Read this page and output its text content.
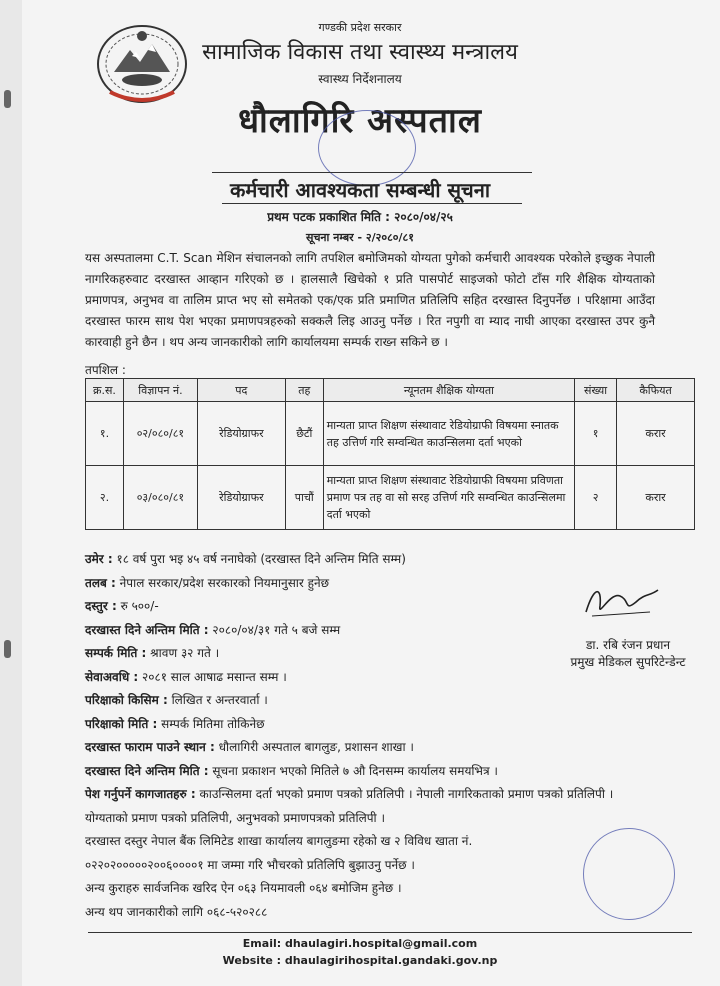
गण्डकी प्रदेश सरकार
सामाजिक विकास तथा स्वास्थ्य मन्त्रालय
स्वास्थ्य निर्देशनालय
धौलागिरि अस्पताल
कर्मचारी आवश्यकता सम्बन्धी सूचना
प्रथम पटक प्रकाशित मिति : २०८०/०४/२५
सूचना नम्बर - २/२०८०/८१
यस अस्पतालमा C.T. Scan मेशिन संचालनको लागि तपशिल बमोजिमको योग्यता पुगेको कर्मचारी आवश्यक परेकोले इच्छुक नेपाली नागरिकहरुवाट दरखास्त आव्हान गरिएको छ । हालसालै खिचेको १ प्रति पासपोर्ट साइजको फोटो टाँस गरि शैक्षिक योग्यताको प्रमाणपत्र, अनुभव वा तालिम प्राप्त भए सो समेतको एक/एक प्रति प्रमाणित प्रतिलिपि सहित दरखास्त दिनुपर्नेछ । परिक्षामा आउँदा दरखास्त फारम साथ पेश भएका प्रमाणपत्रहरुको सक्कलै लिइ आउनु पर्नेछ । रित नपुगी वा म्याद नाघी आएका दरखास्त उपर कुनै कारवाही हुने छैन । थप अन्य जानकारीको लागि कार्यालयमा सम्पर्क राख्न सकिने छ ।
तपशिल :
क्र.स.	विज्ञापन नं.	पद	तह	न्यूनतम शैक्षिक योग्यता	संख्या	कैफियत
१.	०२/०८०/८१	रेडियोग्राफर	छैटौं	मान्यता प्राप्त शिक्षण संस्थावाट रेडियोग्राफी विषयमा स्नातक तह उत्तिर्ण गरि सम्वन्धित काउन्सिलमा दर्ता भएको	१	करार
२.	०३/०८०/८१	रेडियोग्राफर	पाचौं	मान्यता प्राप्त शिक्षण संस्थावाट रेडियोग्राफी विषयमा प्रविणता प्रमाण पत्र तह वा सो सरह उत्तिर्ण गरि सम्वन्धित काउन्सिलमा दर्ता भएको	२	करार
उमेर : १८ वर्ष पुरा भइ ४५ वर्ष ननाघेको (दरखास्त दिने अन्तिम मिति सम्म)
तलब : नेपाल सरकार/प्रदेश सरकारको नियमानुसार हुनेछ
दस्तुर : रु ५००/-
दरखास्त दिने अन्तिम मिति : २०८०/०४/३१ गते ५ बजे सम्म
सम्पर्क मिति : श्रावण ३२ गते ।
सेवाअवधि : २०८१ साल आषाढ मसान्त सम्म ।
परिक्षाको किसिम : लिखित र अन्तरवार्ता ।
परिक्षाको मिति : सम्पर्क मितिमा तोकिनेछ
दरखास्त फाराम पाउने स्थान : धौलागिरी अस्पताल बागलुङ, प्रशासन शाखा ।
दरखास्त दिने अन्तिम मिति : सूचना प्रकाशन भएको मितिले ७ औ दिनसम्म कार्यालय समयभित्र ।
पेश गर्नुपर्ने कागजातहरु : काउन्सिलमा दर्ता भएको प्रमाण पत्रको प्रतिलिपी । नेपाली नागरिकताको प्रमाण पत्रको प्रतिलिपी ।
योग्यताको प्रमाण पत्रको प्रतिलिपी, अनुभवको प्रमाणपत्रको प्रतिलिपी ।
दरखास्त दस्तुर नेपाल बैंक लिमिटेड शाखा कार्यालय बागलुङमा रहेको ख २ विविध खाता नं.
०२२०२०००००२००६००००१ मा जम्मा गरि भौचरको प्रतिलिपि बुझाउनु पर्नेछ ।
अन्य कुराहरु सार्वजनिक खरिद ऐन ०६३ नियमावली ०६४ बमोजिम हुनेछ ।
अन्य थप जानकारीको लागि ०६८-५२०२८८
डा. रबि रंजन प्रधान
प्रमुख मेडिकल सुपरिटेन्डेन्ट
Email: dhaulagiri.hospital@gmail.com
Website : dhaulagirihospital.gandaki.gov.np
